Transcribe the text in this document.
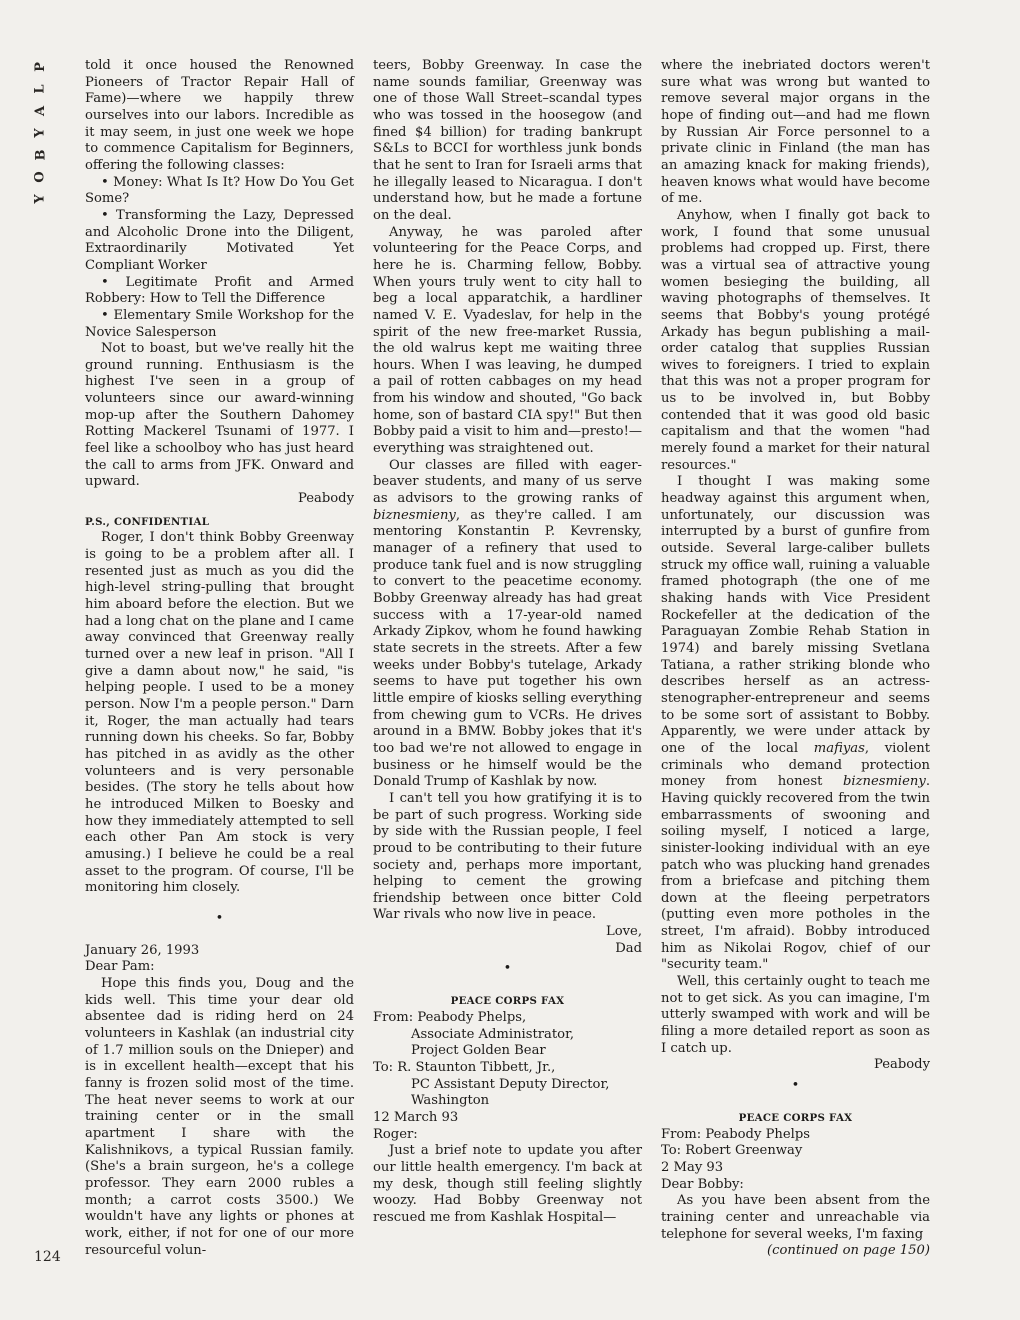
P
L
A
Y
B
O
Y
124

told it once housed the Renowned Pioneers of Tractor Repair Hall of Fame)—where we happily threw ourselves into our labors. Incredible as it may seem, in just one week we hope to commence Capitalism for Beginners, offering the following classes:

• Money: What Is It? How Do You Get Some?

• Transforming the Lazy, Depressed and Alcoholic Drone into the Diligent, Extraordinarily Motivated Yet Compliant Worker

• Legitimate Profit and Armed Robbery: How to Tell the Difference

• Elementary Smile Workshop for the Novice Salesperson

Not to boast, but we've really hit the ground running. Enthusiasm is the highest I've seen in a group of volunteers since our award-winning mop-up after the Southern Dahomey Rotting Mackerel Tsunami of 1977. I feel like a schoolboy who has just heard the call to arms from JFK. Onward and upward.

Peabody

P.S., CONFIDENTIAL

Roger, I don't think Bobby Greenway is going to be a problem after all. I resented just as much as you did the high-level string-pulling that brought him aboard before the election. But we had a long chat on the plane and I came away convinced that Greenway really turned over a new leaf in prison. "All I give a damn about now," he said, "is helping people. I used to be a money person. Now I'm a people person." Darn it, Roger, the man actually had tears running down his cheeks. So far, Bobby has pitched in as avidly as the other volunteers and is very personable besides. (The story he tells about how he introduced Milken to Boesky and how they immediately attempted to sell each other Pan Am stock is very amusing.) I believe he could be a real asset to the program. Of course, I'll be monitoring him closely.

•

January 26, 1993

Dear Pam:

Hope this finds you, Doug and the kids well. This time your dear old absentee dad is riding herd on 24 volunteers in Kashlak (an industrial city of 1.7 million souls on the Dnieper) and is in excellent health—except that his fanny is frozen solid most of the time. The heat never seems to work at our training center or in the small apartment I share with the Kalishnikovs, a typical Russian family. (She's a brain surgeon, he's a college professor. They earn 2000 rubles a month; a carrot costs 3500.) We wouldn't have any lights or phones at work, either, if not for one of our more resourceful volun-

teers, Bobby Greenway. In case the name sounds familiar, Greenway was one of those Wall Street–scandal types who was tossed in the hoosegow (and fined $4 billion) for trading bankrupt S&Ls to BCCI for worthless junk bonds that he sent to Iran for Israeli arms that he illegally leased to Nicaragua. I don't understand how, but he made a fortune on the deal.

Anyway, he was paroled after volunteering for the Peace Corps, and here he is. Charming fellow, Bobby. When yours truly went to city hall to beg a local apparatchik, a hardliner named V. E. Vyadeslav, for help in the spirit of the new free-market Russia, the old walrus kept me waiting three hours. When I was leaving, he dumped a pail of rotten cabbages on my head from his window and shouted, "Go back home, son of bastard CIA spy!" But then Bobby paid a visit to him and—presto!—everything was straightened out.

Our classes are filled with eager-beaver students, and many of us serve as advisors to the growing ranks of biznesmieny, as they're called. I am mentoring Konstantin P. Kevrensky, manager of a refinery that used to produce tank fuel and is now struggling to convert to the peacetime economy. Bobby Greenway already has had great success with a 17-year-old named Arkady Zipkov, whom he found hawking state secrets in the streets. After a few weeks under Bobby's tutelage, Arkady seems to have put together his own little empire of kiosks selling everything from chewing gum to VCRs. He drives around in a BMW. Bobby jokes that it's too bad we're not allowed to engage in business or he himself would be the Donald Trump of Kashlak by now.

I can't tell you how gratifying it is to be part of such progress. Working side by side with the Russian people, I feel proud to be contributing to their future society and, perhaps more important, helping to cement the growing friendship between once bitter Cold War rivals who now live in peace.

Love,

Dad

•

PEACE CORPS FAX

From: Peabody Phelps,

Associate Administrator,

Project Golden Bear

To: R. Staunton Tibbett, Jr.,

PC Assistant Deputy Director,

Washington

12 March 93

Roger:

Just a brief note to update you after our little health emergency. I'm back at my desk, though still feeling slightly woozy. Had Bobby Greenway not rescued me from Kashlak Hospital—

where the inebriated doctors weren't sure what was wrong but wanted to remove several major organs in the hope of finding out—and had me flown by Russian Air Force personnel to a private clinic in Finland (the man has an amazing knack for making friends), heaven knows what would have become of me.

Anyhow, when I finally got back to work, I found that some unusual problems had cropped up. First, there was a virtual sea of attractive young women besieging the building, all waving photographs of themselves. It seems that Bobby's young protégé Arkady has begun publishing a mail-order catalog that supplies Russian wives to foreigners. I tried to explain that this was not a proper program for us to be involved in, but Bobby contended that it was good old basic capitalism and that the women "had merely found a market for their natural resources."

I thought I was making some headway against this argument when, unfortunately, our discussion was interrupted by a burst of gunfire from outside. Several large-caliber bullets struck my office wall, ruining a valuable framed photograph (the one of me shaking hands with Vice President Rockefeller at the dedication of the Paraguayan Zombie Rehab Station in 1974) and barely missing Svetlana Tatiana, a rather striking blonde who describes herself as an actress-stenographer-entrepreneur and seems to be some sort of assistant to Bobby. Apparently, we were under attack by one of the local mafiyas, violent criminals who demand protection money from honest biznesmieny. Having quickly recovered from the twin embarrassments of swooning and soiling myself, I noticed a large, sinister-looking individual with an eye patch who was plucking hand grenades from a briefcase and pitching them down at the fleeing perpetrators (putting even more potholes in the street, I'm afraid). Bobby introduced him as Nikolai Rogov, chief of our "security team."

Well, this certainly ought to teach me not to get sick. As you can imagine, I'm utterly swamped with work and will be filing a more detailed report as soon as I catch up.

Peabody

•

PEACE CORPS FAX

From: Peabody Phelps

To: Robert Greenway

2 May 93

Dear Bobby:

As you have been absent from the training center and unreachable via telephone for several weeks, I'm faxing

(continued on page 150)
